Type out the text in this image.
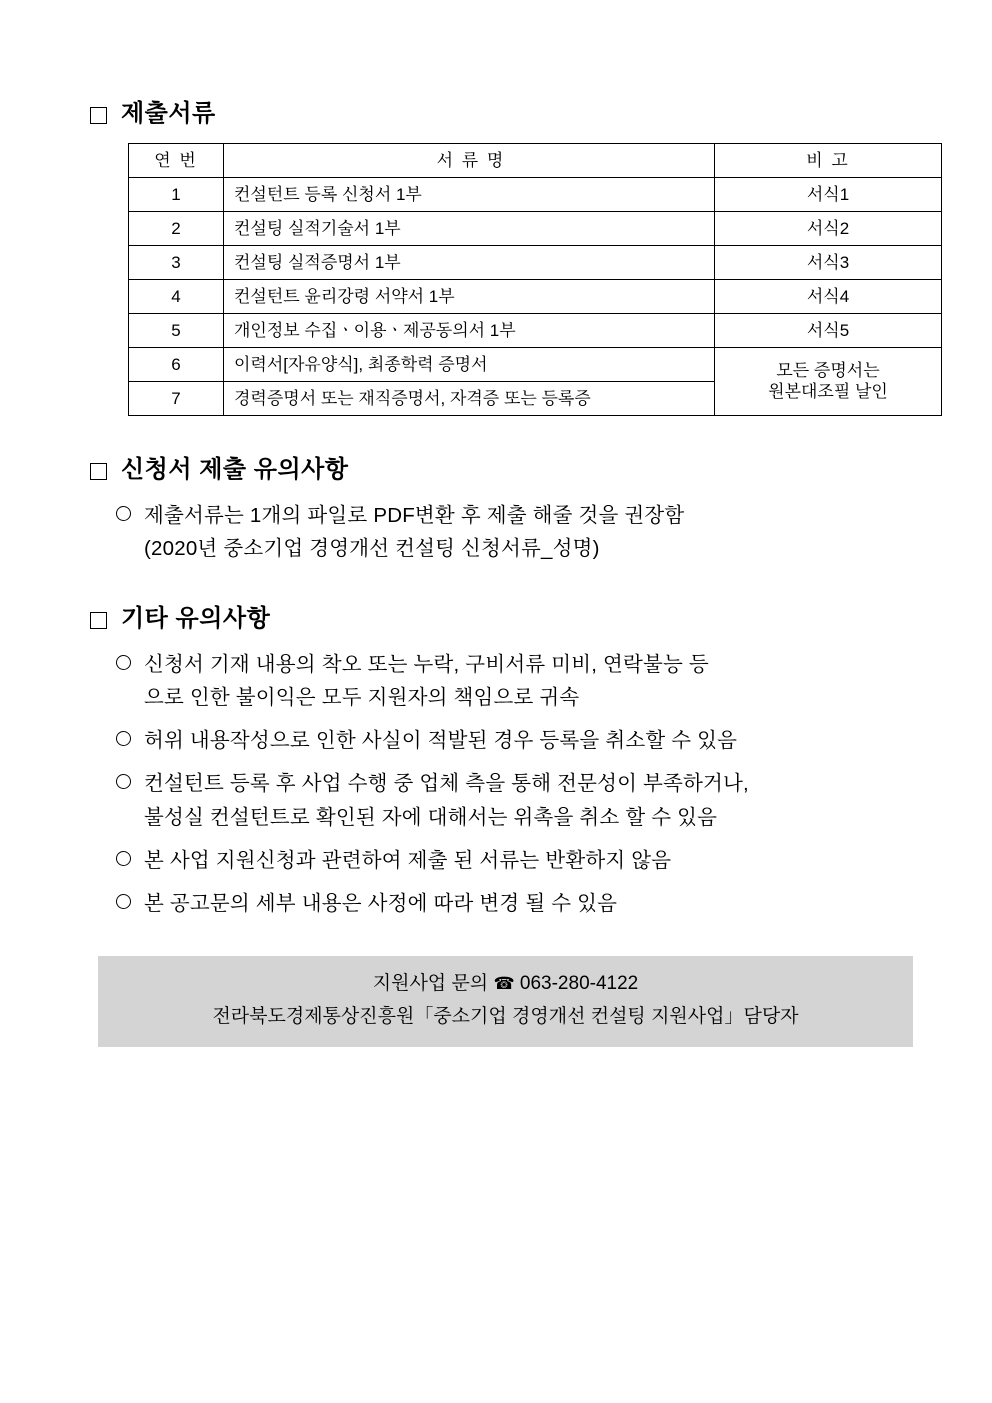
제출서류
연 번	서 류 명	비 고
1	컨설턴트 등록 신청서 1부	서식1
2	컨설팅 실적기술서 1부	서식2
3	컨설팅 실적증명서 1부	서식3
4	컨설턴트 윤리강령 서약서 1부	서식4
5	개인정보 수집ㆍ이용ㆍ제공동의서 1부	서식5
6	이력서[자유양식], 최종학력 증명서	모든 증명서는
원본대조필 날인
7	경력증명서 또는 재직증명서, 자격증 또는 등록증	
신청서 제출 유의사항
제출서류는 1개의 파일로 PDF변환 후 제출 해줄 것을 권장함
(2020년 중소기업 경영개선 컨설팅 신청서류_성명)
기타 유의사항
신청서 기재 내용의 착오 또는 누락, 구비서류 미비, 연락불능 등
으로 인한 불이익은 모두 지원자의 책임으로 귀속
허위 내용작성으로 인한 사실이 적발된 경우 등록을 취소할 수 있음
컨설턴트 등록 후 사업 수행 중 업체 측을 통해 전문성이 부족하거나,
불성실 컨설턴트로 확인된 자에 대해서는 위촉을 취소 할 수 있음
본 사업 지원신청과 관련하여 제출 된 서류는 반환하지 않음
본 공고문의 세부 내용은 사정에 따라 변경 될 수 있음
지원사업 문의 ☎ 063-280-4122
전라북도경제통상진흥원「중소기업 경영개선 컨설팅 지원사업」담당자
